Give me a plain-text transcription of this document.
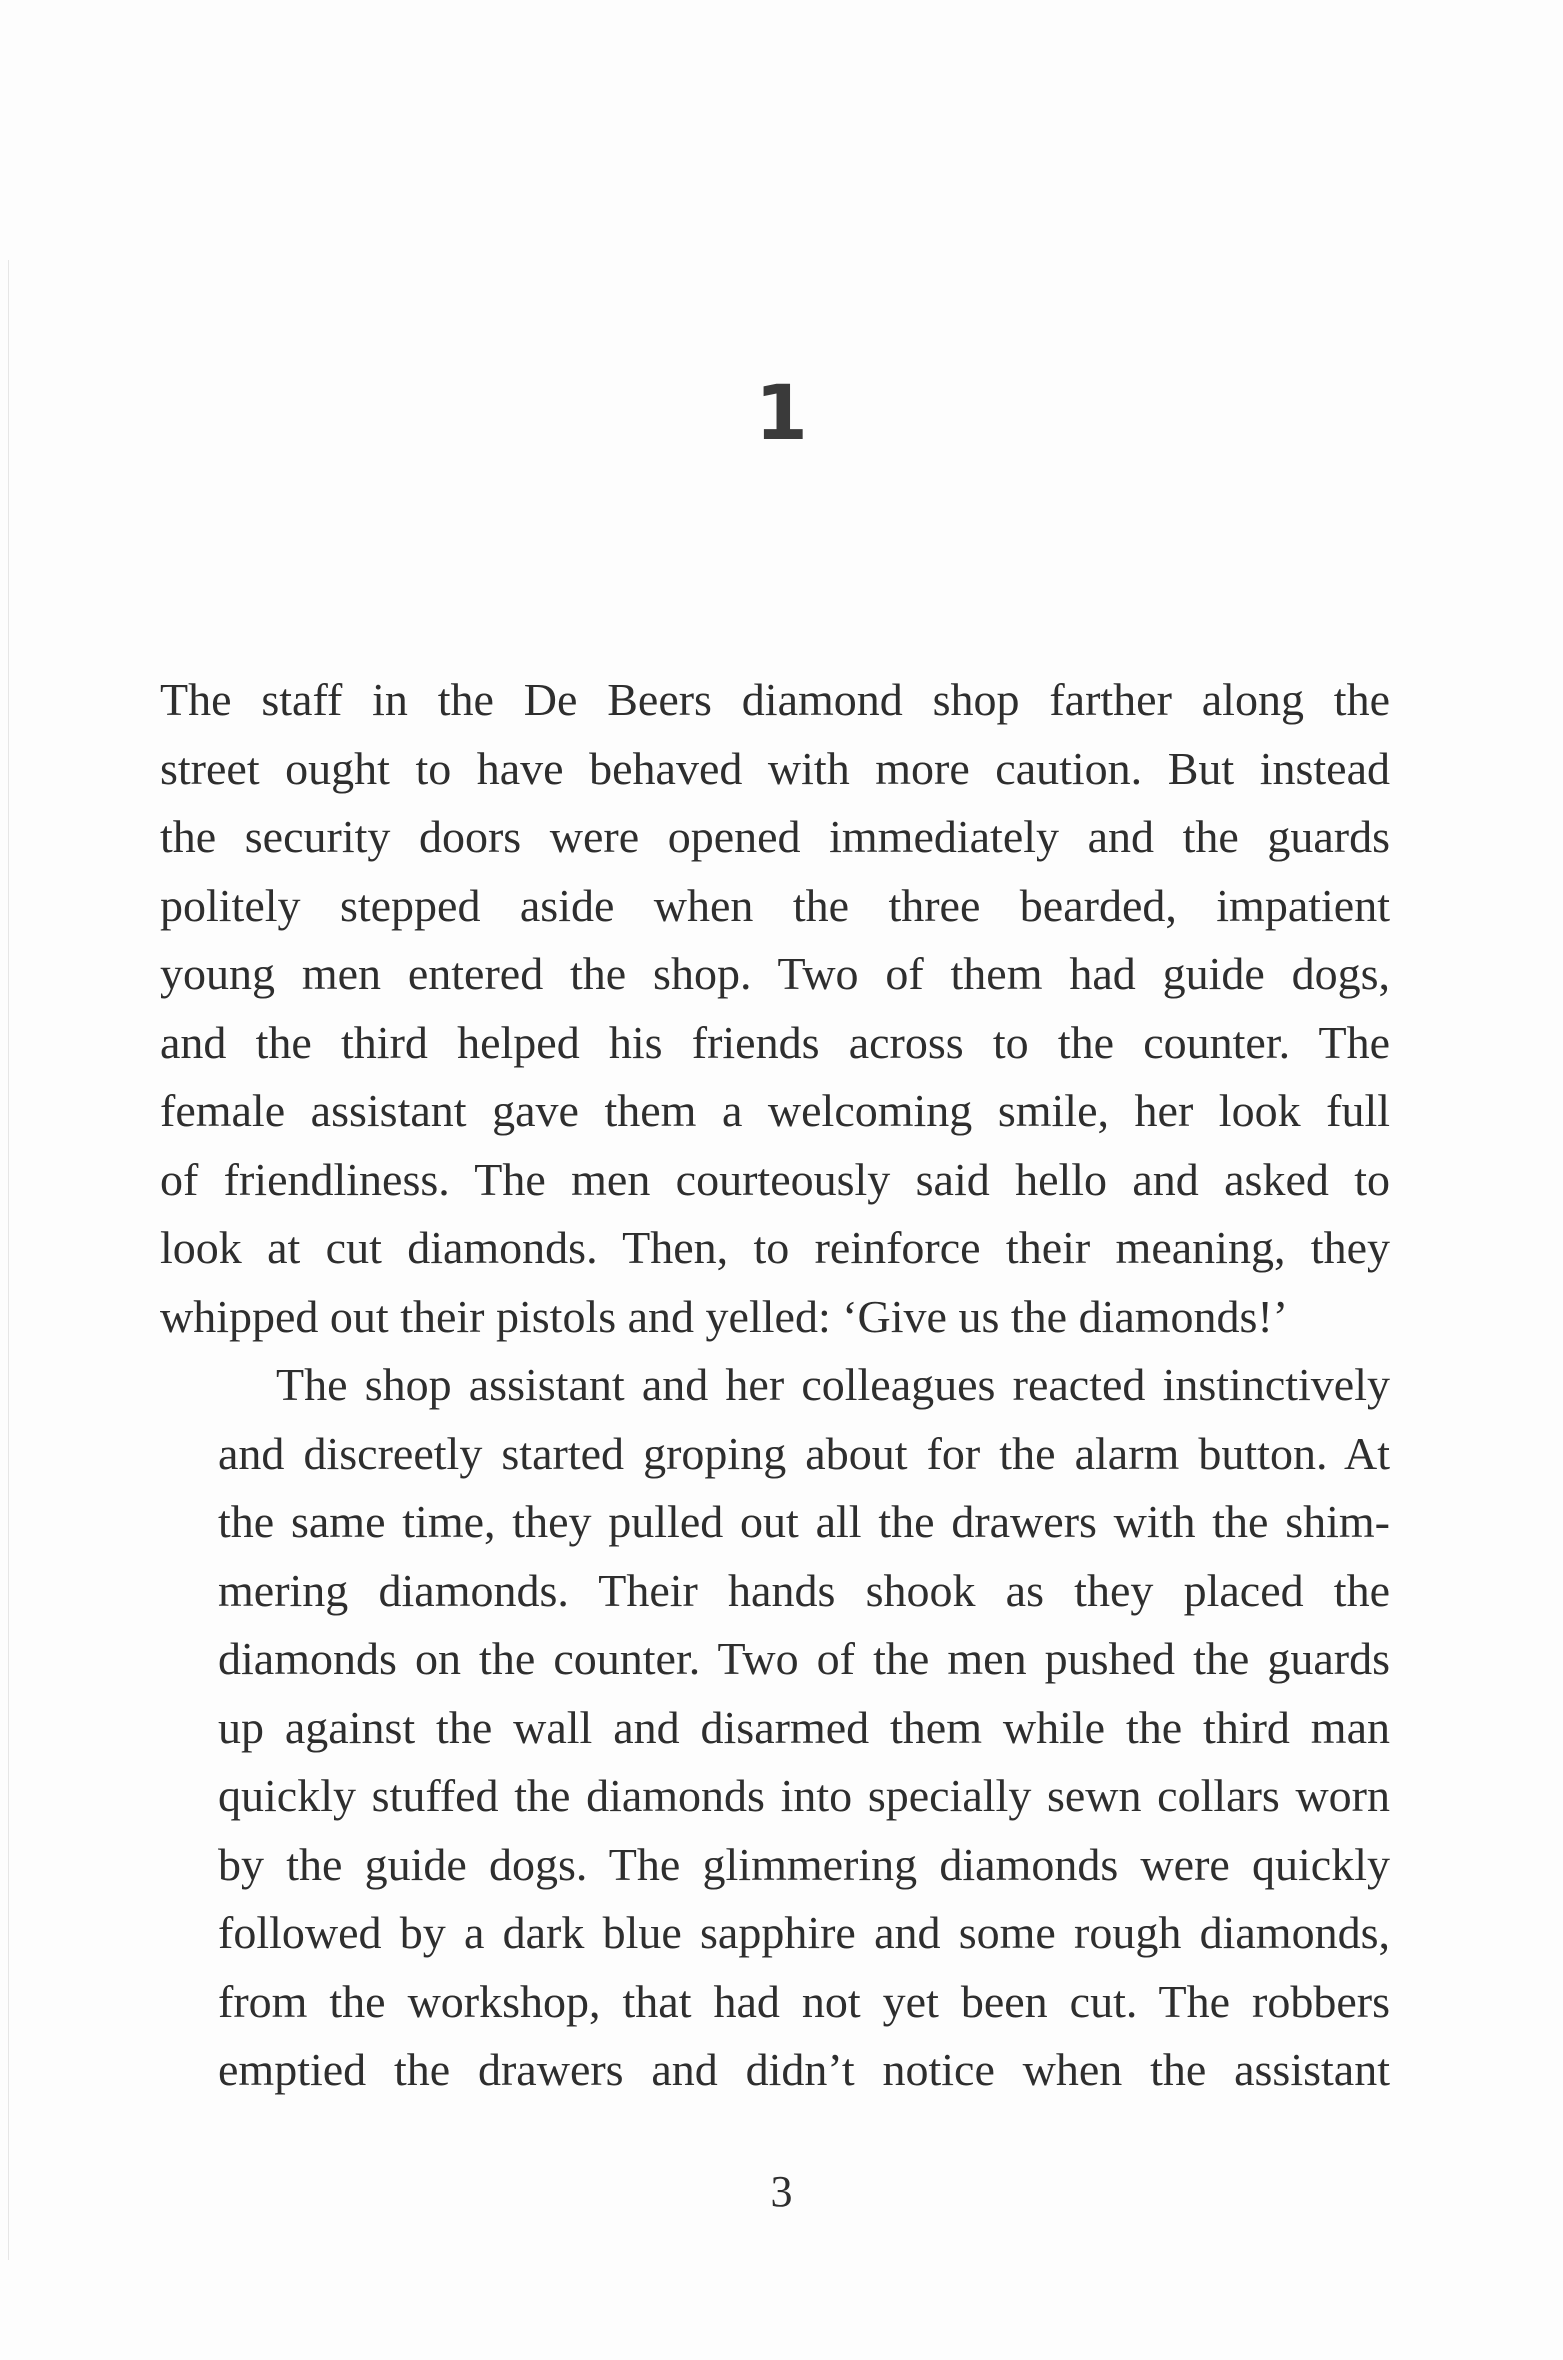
1

The staff in the De Beers diamond shop farther along the
street ought to have behaved with more caution. But instead
the security doors were opened immediately and the guards
politely stepped aside when the three bearded, impatient
young men entered the shop. Two of them had guide dogs,
and the third helped his friends across to the counter. The
female assistant gave them a welcoming smile, her look full
of friendliness. The men courteously said hello and asked to
look at cut diamonds. Then, to reinforce their meaning, they
whipped out their pistols and yelled: ‘Give us the diamonds!’

The shop assistant and her colleagues reacted instinctively
and discreetly started groping about for the alarm button. At
the same time, they pulled out all the drawers with the shim-
mering diamonds. Their hands shook as they placed the
diamonds on the counter. Two of the men pushed the guards
up against the wall and disarmed them while the third man
quickly stuffed the diamonds into specially sewn collars worn
by the guide dogs. The glimmering diamonds were quickly
followed by a dark blue sapphire and some rough diamonds,
from the workshop, that had not yet been cut. The robbers
emptied the drawers and didn’t notice when the assistant

3
